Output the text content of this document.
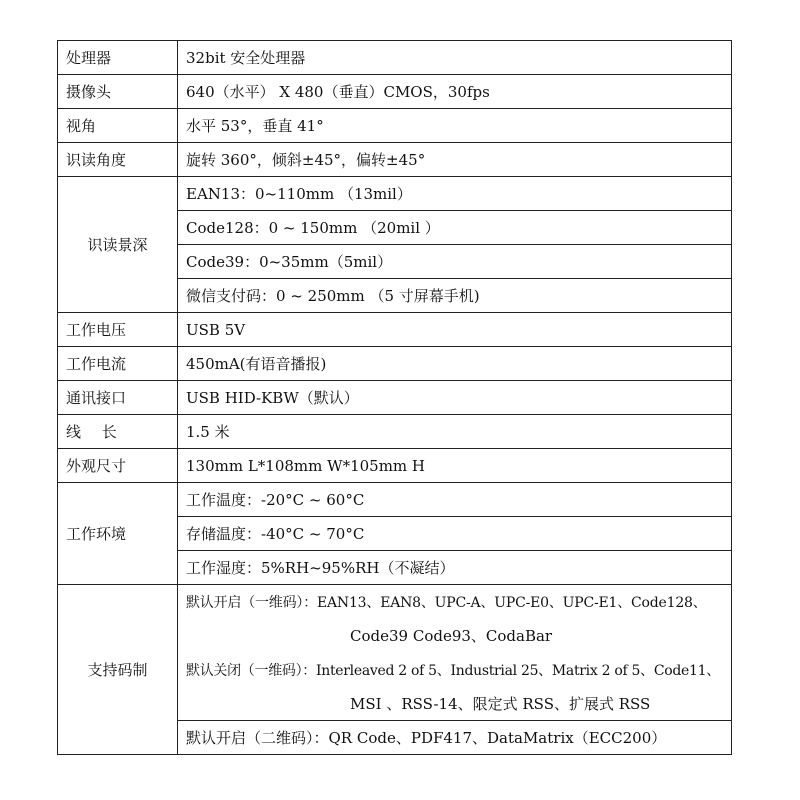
处理器	32bit 安全处理器
摄像头	640（水平） X 480（垂直）CMOS，30fps
视角	水平 53°，垂直 41°
识读角度	旋转 360°，倾斜±45°，偏转±45°
识读景深	EAN13：0~110mm （13mil）
	Code128：0 ~ 150mm （20mil ）
	Code39：0~35mm（5mil）
	微信支付码：0 ~ 250mm （5 寸屏幕手机)
工作电压	USB 5V
工作电流	450mA(有语音播报)
通讯接口	USB HID-KBW（默认）
线 长	1.5 米
外观尺寸	130mm L*108mm W*105mm H
工作环境	工作温度：-20°C ~ 60°C
	存储温度：-40°C ~ 70°C
	工作湿度：5%RH~95%RH（不凝结）
支持码制	默认开启（一维码）：EAN13、EAN8、UPC-A、UPC-E0、UPC-E1、Code128、
	Code39 Code93、CodaBar
	默认关闭（一维码）：Interleaved 2 of 5、Industrial 25、Matrix 2 of 5、Code11、
	MSI 、RSS-14、限定式 RSS、扩展式 RSS
	默认开启（二维码）：QR Code、PDF417、DataMatrix（ECC200）
